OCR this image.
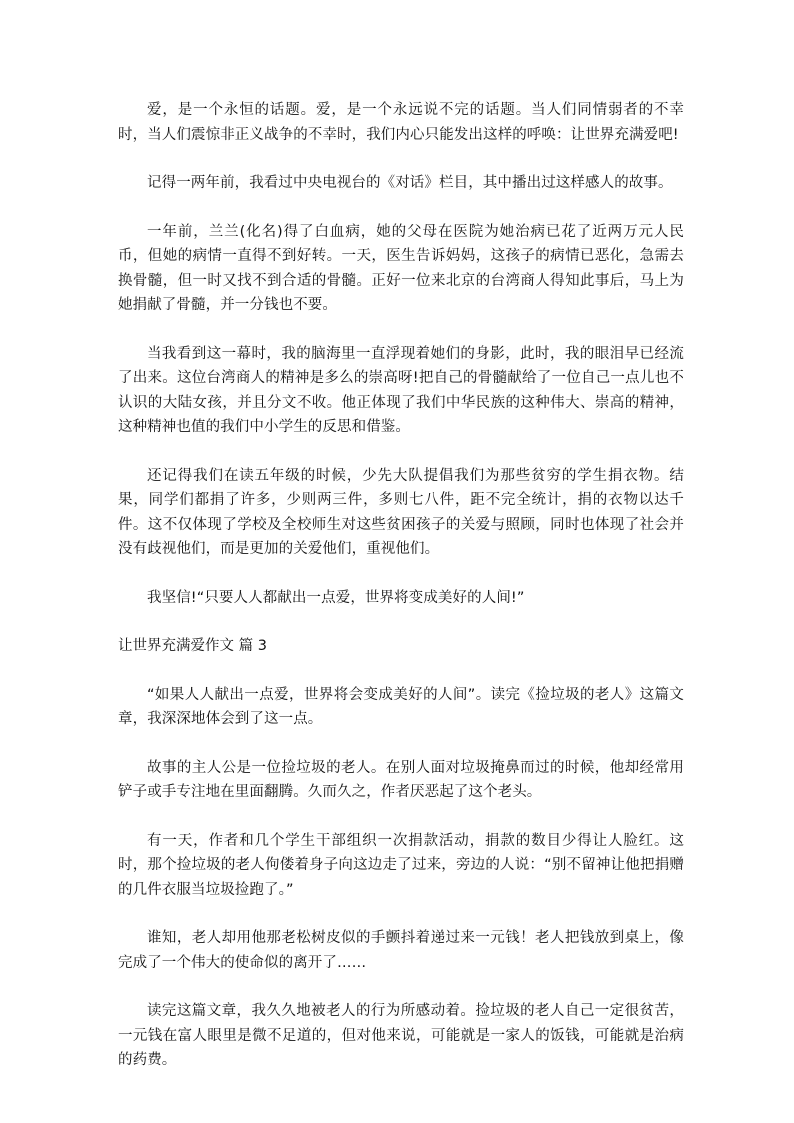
爱，是一个永恒的话题。爱，是一个永远说不完的话题。当人们同情弱者的不幸时，当人们震惊非正义战争的不幸时，我们内心只能发出这样的呼唤：让世界充满爱吧!

记得一两年前，我看过中央电视台的《对话》栏目，其中播出过这样感人的故事。

一年前，兰兰(化名)得了白血病，她的父母在医院为她治病已花了近两万元人民币，但她的病情一直得不到好转。一天，医生告诉妈妈，这孩子的病情已恶化，急需去换骨髓，但一时又找不到合适的骨髓。正好一位来北京的台湾商人得知此事后，马上为她捐献了骨髓，并一分钱也不要。

当我看到这一幕时，我的脑海里一直浮现着她们的身影，此时，我的眼泪早已经流了出来。这位台湾商人的精神是多么的崇高呀!把自己的骨髓献给了一位自己一点儿也不认识的大陆女孩，并且分文不收。他正体现了我们中华民族的这种伟大、崇高的精神，这种精神也值的我们中小学生的反思和借鉴。

还记得我们在读五年级的时候，少先大队提倡我们为那些贫穷的学生捐衣物。结果，同学们都捐了许多，少则两三件，多则七八件，距不完全统计，捐的衣物以达千件。这不仅体现了学校及全校师生对这些贫困孩子的关爱与照顾，同时也体现了社会并没有歧视他们，而是更加的关爱他们，重视他们。

我坚信!“只要人人都献出一点爱，世界将变成美好的人间!”

让世界充满爱作文 篇 3

“如果人人献出一点爱，世界将会变成美好的人间”。读完《捡垃圾的老人》这篇文章，我深深地体会到了这一点。

故事的主人公是一位捡垃圾的老人。在别人面对垃圾掩鼻而过的时候，他却经常用铲子或手专注地在里面翻腾。久而久之，作者厌恶起了这个老头。

有一天，作者和几个学生干部组织一次捐款活动，捐款的数目少得让人脸红。这时，那个捡垃圾的老人佝偻着身子向这边走了过来，旁边的人说：“别不留神让他把捐赠的几件衣服当垃圾捡跑了。”

谁知，老人却用他那老松树皮似的手颤抖着递过来一元钱！老人把钱放到桌上，像完成了一个伟大的使命似的离开了……

读完这篇文章，我久久地被老人的行为所感动着。捡垃圾的老人自己一定很贫苦，一元钱在富人眼里是微不足道的，但对他来说，可能就是一家人的饭钱，可能就是治病的药费。
